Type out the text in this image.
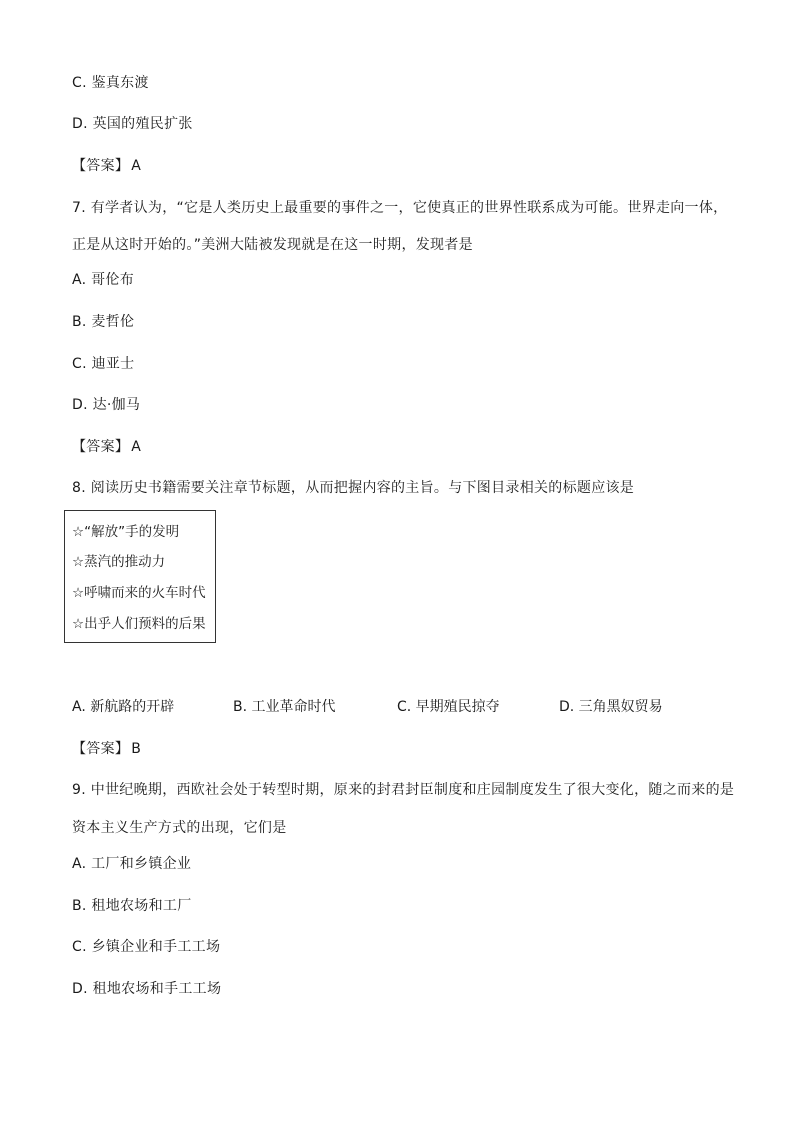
C. 鉴真东渡
D. 英国的殖民扩张
【答案】 A
7. 有学者认为，“它是人类历史上最重要的事件之一，它使真正的世界性联系成为可能。世界走向一体，
正是从这时开始的。”美洲大陆被发现就是在这一时期，发现者是
A. 哥伦布
B. 麦哲伦
C. 迪亚士
D. 达·伽马
【答案】 A
8. 阅读历史书籍需要关注章节标题，从而把握内容的主旨。与下图目录相关的标题应该是
☆“解放”手的发明
☆蒸汽的推动力
☆呼啸而来的火车时代
☆出乎人们预料的后果
A. 新航路的开辟	B. 工业革命时代	C. 早期殖民掠夺	D. 三角黑奴贸易
【答案】 B
9. 中世纪晚期，西欧社会处于转型时期，原来的封君封臣制度和庄园制度发生了很大变化，随之而来的是
资本主义生产方式的出现，它们是
A. 工厂和乡镇企业
B. 租地农场和工厂
C. 乡镇企业和手工工场
D. 租地农场和手工工场
